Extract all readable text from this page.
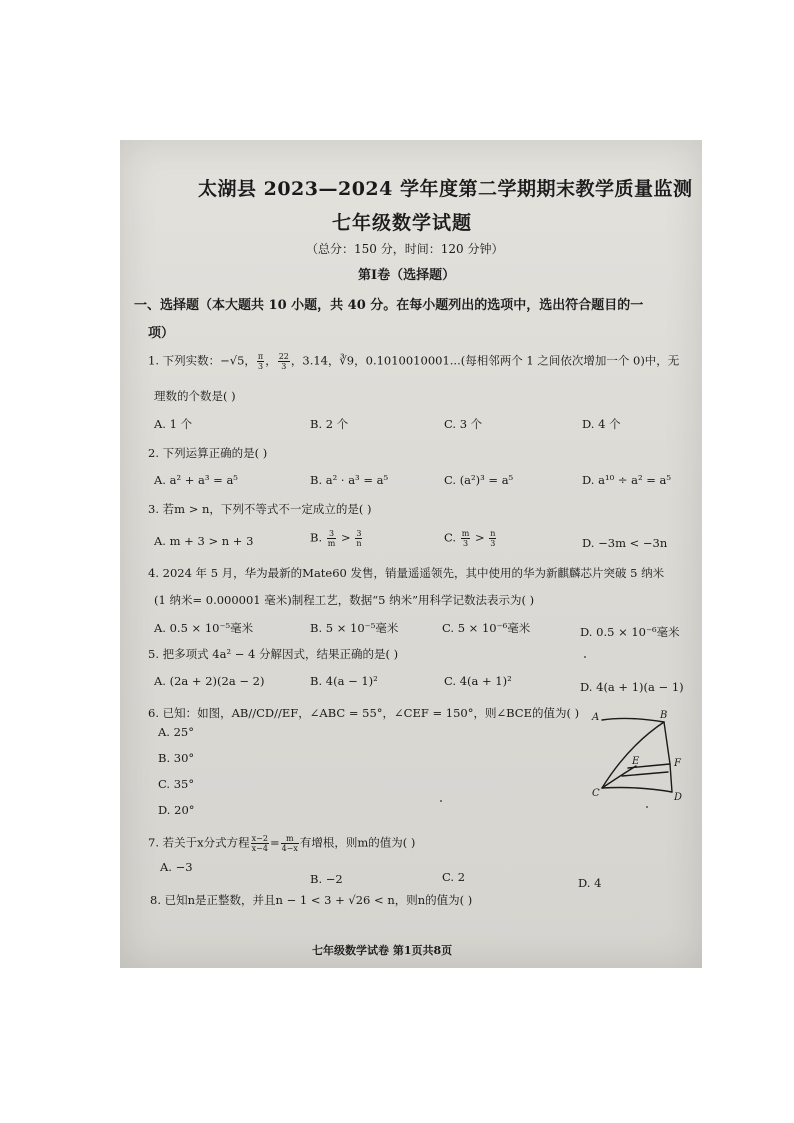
太湖县 2023—2024 学年度第二学期期末教学质量监测
七年级数学试题
（总分：150 分，时间：120 分钟）
第Ⅰ卷（选择题）
一、选择题（本大题共 10 小题，共 40 分。在每小题列出的选项中，选出符合题目的一
项）
1. 下列实数：−√5， $\frac{\pi}{3}$ ， $\frac{22}{3}$ ，3.14，∛9，0.1010010001...(每相邻两个 1 之间依次增加一个 0)中，无
理数的个数是( )
A. 1 个	B. 2 个	C. 3 个	D. 4 个
2. 下列运算正确的是( )
A. a² + a³ = a⁵	B. a² · a³ = a⁵	C. (a²)³ = a⁵	D. a¹⁰ ÷ a² = a⁵
3. 若m > n，下列不等式不一定成立的是( )
A. m + 3 > n + 3	B. $\frac{3}{m} > \frac{3}{n}$	C. $\frac{m}{3} > \frac{n}{3}$	D. −3m < −3n
4. 2024 年 5 月，华为最新的Mate60 发售，销量遥遥领先，其中使用的华为新麒麟芯片突破 5 纳米
(1 纳米= 0.000001 毫米)制程工艺，数据“5 纳米”用科学记数法表示为( )
A. 0.5 × 10⁻⁵毫米	B. 5 × 10⁻⁵毫米	C. 5 × 10⁻⁶毫米	D. 0.5 × 10⁻⁶毫米
5. 把多项式 4a² − 4 分解因式，结果正确的是( )
A. (2a + 2)(2a − 2)	B. 4(a − 1)²	C. 4(a + 1)²	D. 4(a + 1)(a − 1)
6. 已知：如图，AB//CD//EF，∠ABC = 55°，∠CEF = 150°，则∠BCE的值为( )
A. 25°
B. 30°
C. 35°
D. 20°
A	B
E	F
C	D
7. 若关于x分式方程 $\frac{x-2}{x-4} = \frac{m}{4-x}$ 有增根，则m的值为( )
A. −3
B. −2	C. 2	D. 4
8. 已知n是正整数，并且n − 1 < 3 + √26 < n，则n的值为( )
七年级数学试卷 第1页共8页
